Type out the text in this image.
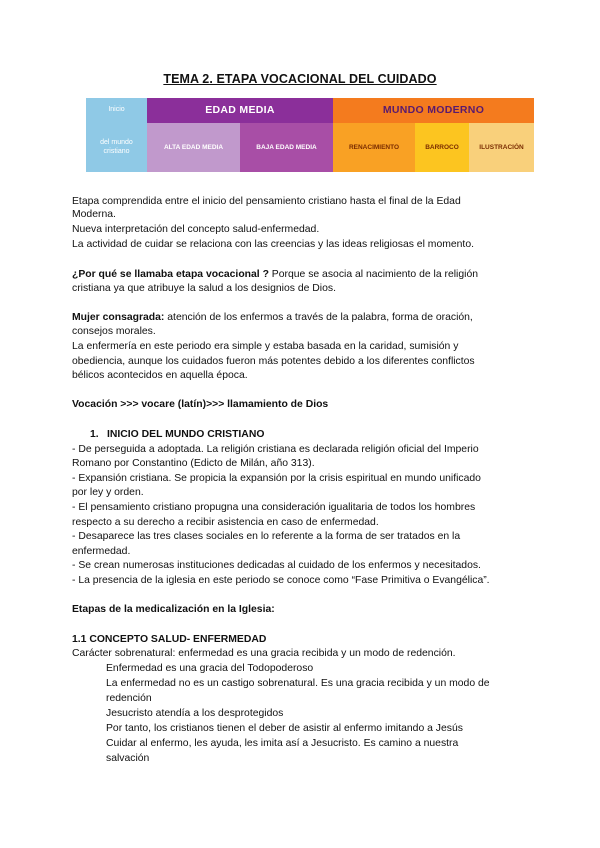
TEMA 2. ETAPA VOCACIONAL DEL CUIDADO
Inicio
del mundo cristiano
EDAD MEDIA
ALTA EDAD MEDIA	BAJA EDAD MEDIA
MUNDO MODERNO
RENACIMIENTO	BARROCO	ILUSTRACIÓN
Etapa comprendida entre el inicio del pensamiento cristiano hasta el final de la Edad
Moderna.
Nueva interpretación del concepto salud-enfermedad.
La actividad de cuidar se relaciona con las creencias y las ideas religiosas el momento.
¿Por qué se llamaba etapa vocacional ? Porque se asocia al nacimiento de la religión
cristiana ya que atribuye la salud a los designios de Dios.
Mujer consagrada: atención de los enfermos a través de la palabra, forma de oración,
consejos morales.
La enfermería en este periodo era simple y estaba basada en la caridad, sumisión y
obediencia, aunque los cuidados fueron más potentes debido a los diferentes conflictos
bélicos acontecidos en aquella época.
Vocación >>> vocare (latín)>>> llamamiento de Dios
1. INICIO DEL MUNDO CRISTIANO
- De perseguida a adoptada. La religión cristiana es declarada religión oficial del Imperio
Romano por Constantino (Edicto de Milán, año 313).
- Expansión cristiana. Se propicia la expansión por la crisis espiritual en mundo unificado
por ley y orden.
- El pensamiento cristiano propugna una consideración igualitaria de todos los hombres
respecto a su derecho a recibir asistencia en caso de enfermedad.
- Desaparece las tres clases sociales en lo referente a la forma de ser tratados en la
enfermedad.
- Se crean numerosas instituciones dedicadas al cuidado de los enfermos y necesitados.
- La presencia de la iglesia en este periodo se conoce como “Fase Primitiva o Evangélica”.
Etapas de la medicalización en la Iglesia:
1.1 CONCEPTO SALUD- ENFERMEDAD
Carácter sobrenatural: enfermedad es una gracia recibida y un modo de redención.
Enfermedad es una gracia del Todopoderoso
La enfermedad no es un castigo sobrenatural. Es una gracia recibida y un modo de
redención
Jesucristo atendía a los desprotegidos
Por tanto, los cristianos tienen el deber de asistir al enfermo imitando a Jesús
Cuidar al enfermo, les ayuda, les imita así a Jesucristo. Es camino a nuestra
salvación
